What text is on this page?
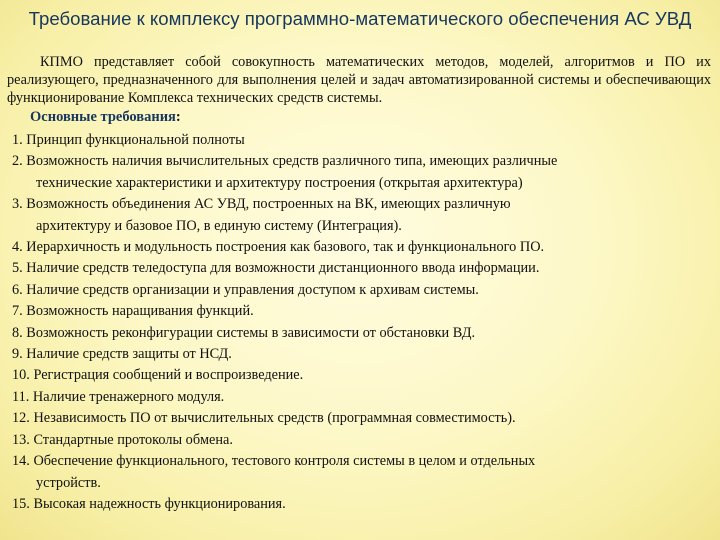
Требование к комплексу программно-математического обеспечения АС УВД

КПМО представляет собой совокупность математических методов, моделей, алгоритмов и ПО их реализующего, предназначенного для выполнения целей и задач автоматизированной системы и обеспечивающих функционирование Комплекса технических средств системы.

Основные требования:
1. Принцип функциональной полноты
2. Возможность наличия вычислительных средств различного типа, имеющих различные
технические характеристики и архитектуру построения (открытая архитектура)
3. Возможность объединения АС УВД, построенных на ВК, имеющих различную
архитектуру и базовое ПО, в единую систему (Интеграция).
4. Иерархичность и модульность построения как базового, так и функционального ПО.
5. Наличие средств теледоступа для возможности дистанционного ввода информации.
6. Наличие средств организации и управления доступом к архивам системы.
7. Возможность наращивания функций.
8. Возможность реконфигурации системы в зависимости от обстановки ВД.
9. Наличие средств защиты от НСД.
10. Регистрация сообщений и воспроизведение.
11. Наличие тренажерного модуля.
12. Независимость ПО от вычислительных средств (программная совместимость).
13. Стандартные протоколы обмена.
14. Обеспечение функционального, тестового контроля системы в целом и отдельных
устройств.
15. Высокая надежность функционирования.
